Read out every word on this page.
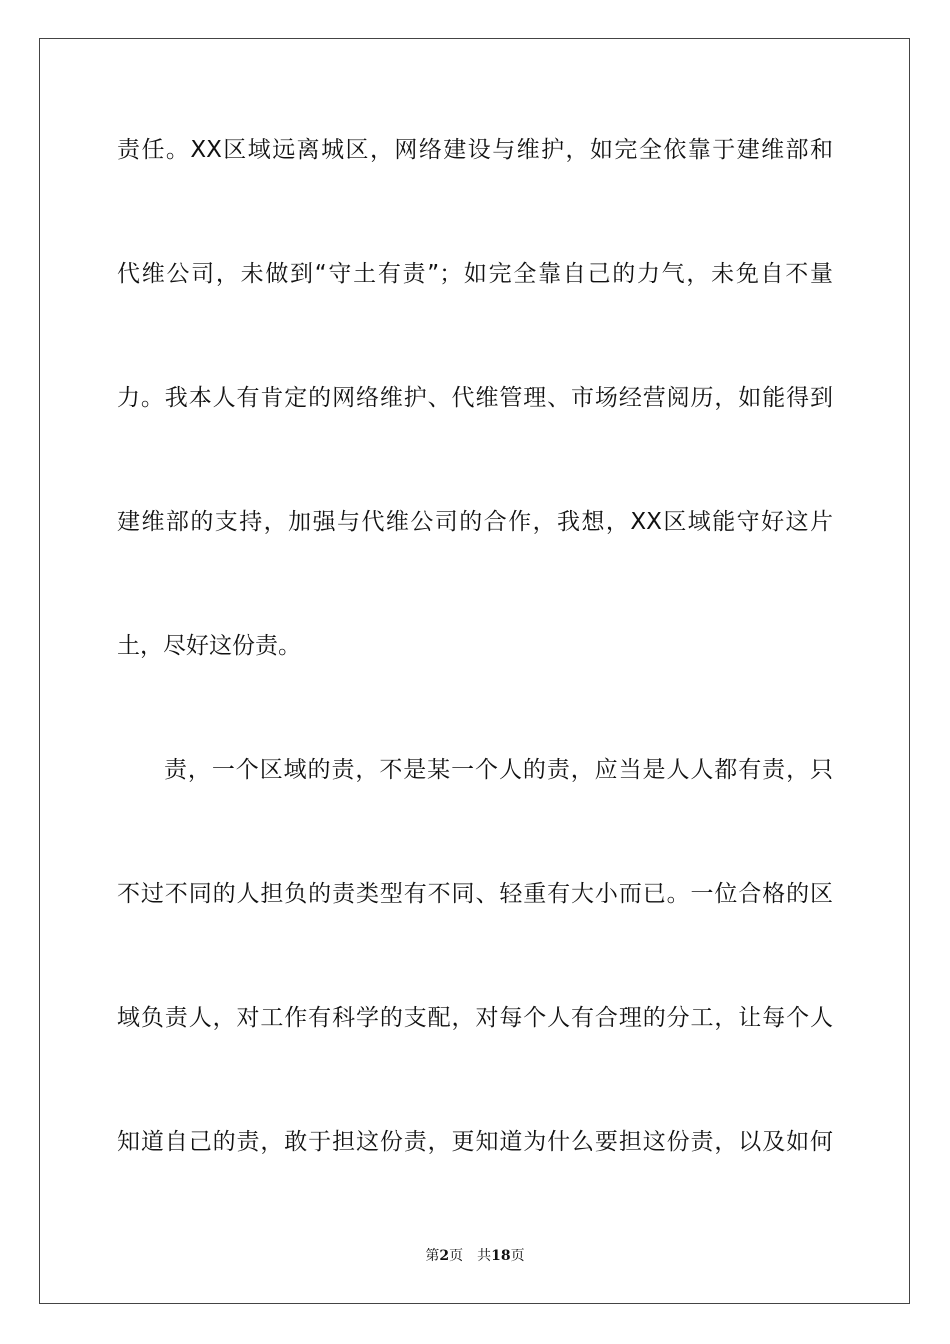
责任。XX区域远离城区，网络建设与维护，如完全依靠于建维部和
代维公司，未做到“守土有责”；如完全靠自己的力气，未免自不量
力。我本人有肯定的网络维护、代维管理、市场经营阅历，如能得到
建维部的支持，加强与代维公司的合作，我想，XX区域能守好这片
土，尽好这份责。
责，一个区域的责，不是某一个人的责，应当是人人都有责，只
不过不同的人担负的责类型有不同、轻重有大小而已。一位合格的区
域负责人，对工作有科学的支配，对每个人有合理的分工，让每个人
知道自己的责，敢于担这份责，更知道为什么要担这份责，以及如何
第2页 共18页
